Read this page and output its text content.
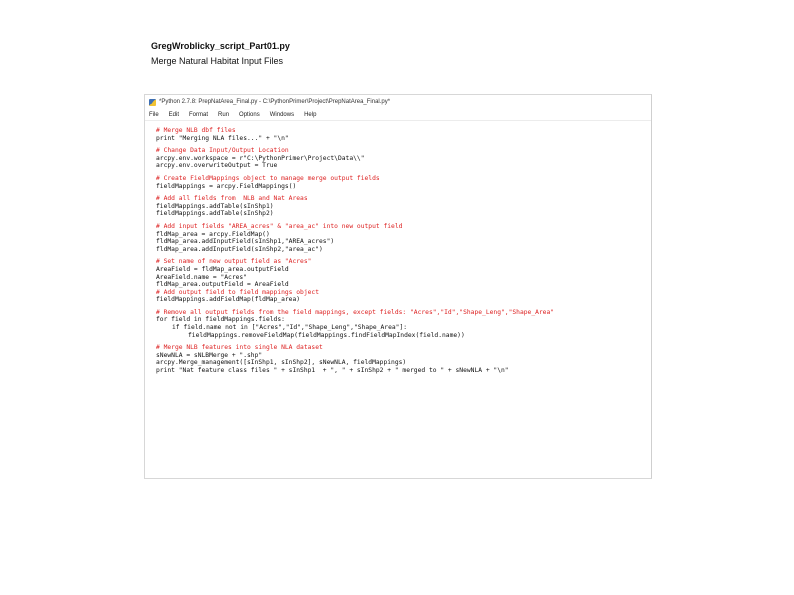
GregWroblicky_script_Part01.py
Merge Natural Habitat Input Files
*Python 2.7.8: PrepNatArea_Final.py - C:\PythonPrimer\Project\PrepNatArea_Final.py*
File Edit Format Run Options Windows Help
# Merge NLB dbf files
print "Merging NLA files..." + "\n"
# Change Data Input/Output Location
arcpy.env.workspace = r"C:\PythonPrimer\Project\Data\\"
arcpy.env.overwriteOutput = True
# Create FieldMappings object to manage merge output fields
fieldMappings = arcpy.FieldMappings()
# Add all fields from  NLB and Nat Areas
fieldMappings.addTable(sInShp1)
fieldMappings.addTable(sInShp2)
# Add input fields "AREA_acres" & "area_ac" into new output field
fldMap_area = arcpy.FieldMap()
fldMap_area.addInputField(sInShp1,"AREA_acres")
fldMap_area.addInputField(sInShp2,"area_ac")
# Set name of new output field as "Acres"
AreaField = fldMap_area.outputField
AreaField.name = "Acres"
fldMap_area.outputField = AreaField
# Add output field to field mappings object
fieldMappings.addFieldMap(fldMap_area)
# Remove all output fields from the field mappings, except fields: "Acres","Id","Shape_Leng","Shape_Area"
for field in fieldMappings.fields:
if field.name not in ["Acres","Id","Shape_Leng","Shape_Area"]:
fieldMappings.removeFieldMap(fieldMappings.findFieldMapIndex(field.name))
# Merge NLB features into single NLA dataset
sNewNLA = sNLBMerge + ".shp"
arcpy.Merge_management([sInShp1, sInShp2], sNewNLA, fieldMappings)
print "Nat feature class files " + sInShp1  + ", " + sInShp2 + " merged to " + sNewNLA + "\n"
